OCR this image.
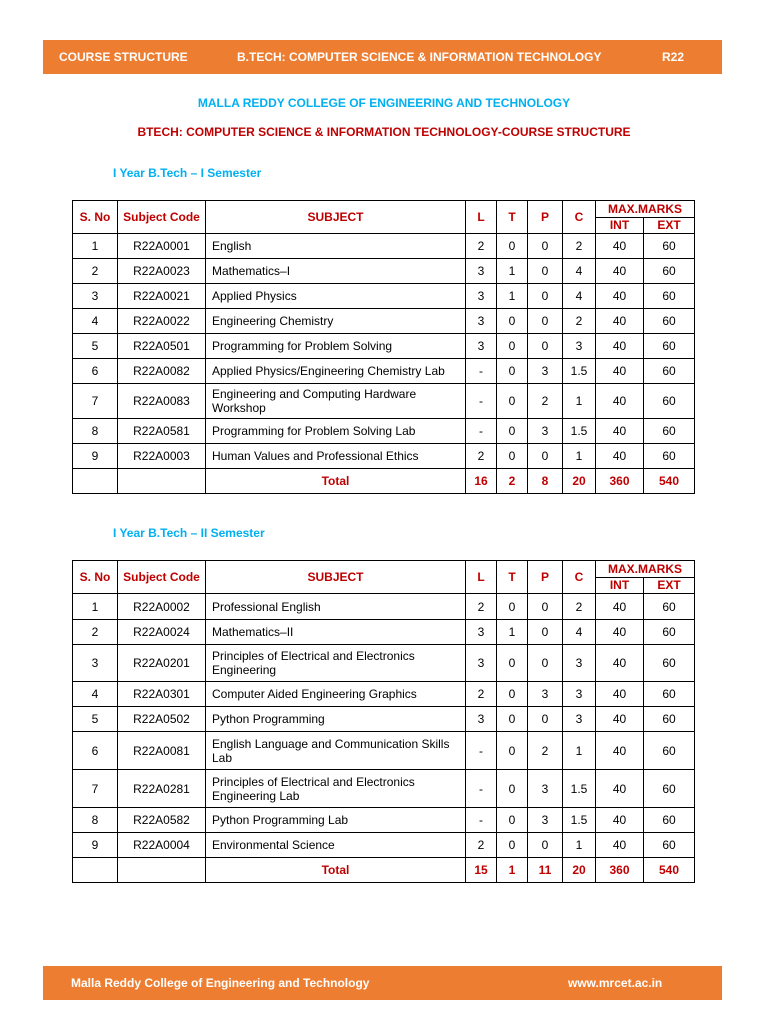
COURSE STRUCTURE	B.TECH: COMPUTER SCIENCE & INFORMATION TECHNOLOGY	R22
MALLA REDDY COLLEGE OF ENGINEERING AND TECHNOLOGY
BTECH: COMPUTER SCIENCE & INFORMATION TECHNOLOGY-COURSE STRUCTURE
I Year B.Tech – I Semester
S. No	Subject Code	SUBJECT	L	T	P	C	MAX.MARKS	
							INT	EXT
1	R22A0001	English	2	0	0	2	40	60
2	R22A0023	Mathematics–I	3	1	0	4	40	60
3	R22A0021	Applied Physics	3	1	0	4	40	60
4	R22A0022	Engineering Chemistry	3	0	0	2	40	60
5	R22A0501	Programming for Problem Solving	3	0	0	3	40	60
6	R22A0082	Applied Physics/Engineering Chemistry Lab	-	0	3	1.5	40	60
7	R22A0083	Engineering and Computing Hardware Workshop	-	0	2	1	40	60
8	R22A0581	Programming for Problem Solving Lab	-	0	3	1.5	40	60
9	R22A0003	Human Values and Professional Ethics	2	0	0	1	40	60
		Total	16	2	8	20	360	540
I Year B.Tech – II Semester
S. No	Subject Code	SUBJECT	L	T	P	C	MAX.MARKS	
							INT	EXT
1	R22A0002	Professional English	2	0	0	2	40	60
2	R22A0024	Mathematics–II	3	1	0	4	40	60
3	R22A0201	Principles of Electrical and Electronics Engineering	3	0	0	3	40	60
4	R22A0301	Computer Aided Engineering Graphics	2	0	3	3	40	60
5	R22A0502	Python Programming	3	0	0	3	40	60
6	R22A0081	English Language and Communication Skills Lab	-	0	2	1	40	60
7	R22A0281	Principles of Electrical and Electronics Engineering Lab	-	0	3	1.5	40	60
8	R22A0582	Python Programming Lab	-	0	3	1.5	40	60
9	R22A0004	Environmental Science	2	0	0	1	40	60
		Total	15	1	11	20	360	540
Malla Reddy College of Engineering and Technology	www.mrcet.ac.in
